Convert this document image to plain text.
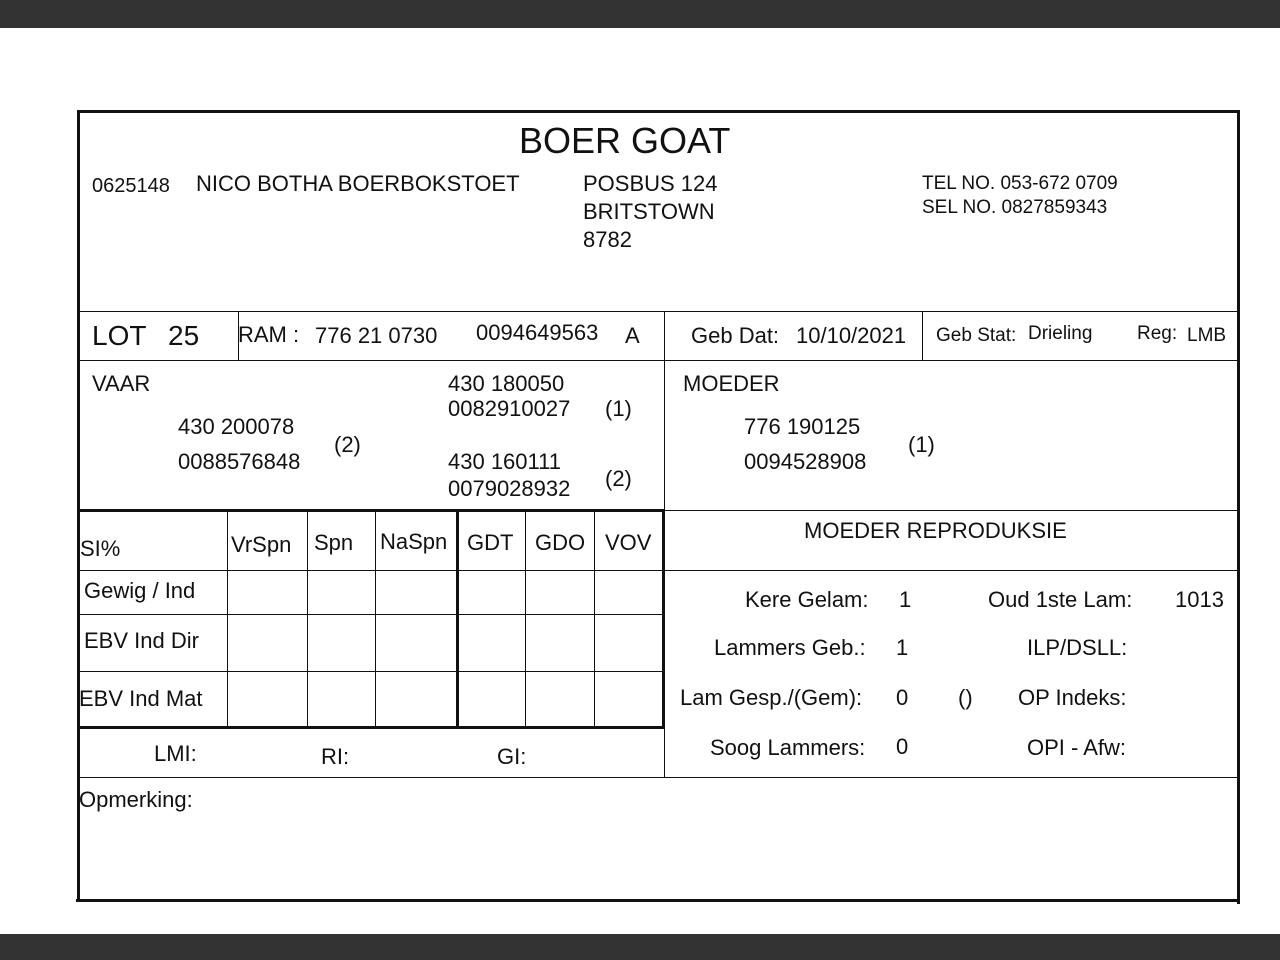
BOER GOAT
0625148 NICO BOTHA BOERBOKSTOET	POSBUS 124
BRITSTOWN
8782
TEL NO. 053-672 0709
SEL NO. 0827859343
LOT 25 RAM : 776 21 0730 0094649563 A Geb Dat: 10/10/2021 Geb Stat: Drieling Reg: LMB
VAAR
430 200078
0088576848
(2)
430 180050
0082910027 (1)
430 160111
0079028932 (2)
MOEDER
776 190125
0094528908
(1)
SI%	VrSpn Spn NaSpn GDT GDO VOV
Gewig / Ind
EBV Ind Dir
EBV Ind Mat
LMI:	RI:	GI:
MOEDER REPRODUKSIE
Kere Gelam: 1	Oud 1ste Lam: 1013
Lammers Geb.: 1	ILP/DSLL:
Lam Gesp./(Gem): 0 () OP Indeks:
Soog Lammers: 0	OPI - Afw:
Opmerking:
